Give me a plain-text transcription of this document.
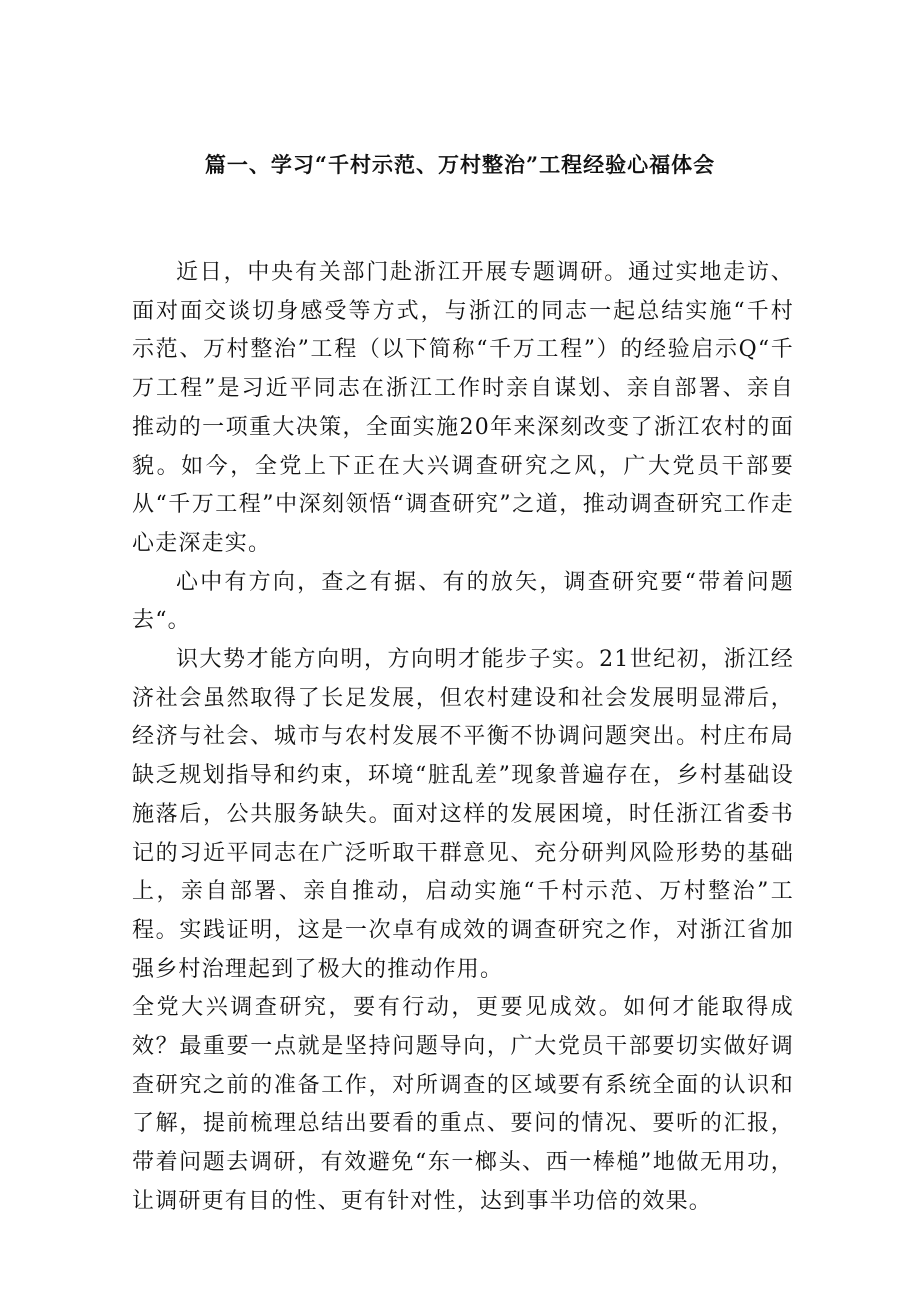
篇一、学习“千村示范、万村整治”工程经验心福体会

近日，中央有关部门赴浙江开展专题调研。通过实地走访、面对面交谈切身感受等方式，与浙江的同志一起总结实施“千村示范、万村整治”工程（以下简称“千万工程”）的经验启示Q“千万工程”是习近平同志在浙江工作时亲自谋划、亲自部署、亲自推动的一项重大决策，全面实施20年来深刻改变了浙江农村的面貌。如今，全党上下正在大兴调查研究之风，广大党员干部要从“千万工程”中深刻领悟“调查研究”之道，推动调查研究工作走心走深走实。

心中有方向，查之有据、有的放矢，调查研究要“带着问题去“。

识大势才能方向明，方向明才能步子实。21世纪初，浙江经济社会虽然取得了长足发展，但农村建设和社会发展明显滞后，经济与社会、城市与农村发展不平衡不协调问题突出。村庄布局缺乏规划指导和约束，环境“脏乱差”现象普遍存在，乡村基础设施落后，公共服务缺失。面对这样的发展困境，时任浙江省委书记的习近平同志在广泛听取干群意见、充分研判风险形势的基础上，亲自部署、亲自推动，启动实施“千村示范、万村整治”工程。实践证明，这是一次卓有成效的调查研究之作，对浙江省加强乡村治理起到了极大的推动作用。

全党大兴调查研究，要有行动，更要见成效。如何才能取得成效？最重要一点就是坚持问题导向，广大党员干部要切实做好调查研究之前的准备工作，对所调查的区域要有系统全面的认识和了解，提前梳理总结出要看的重点、要问的情况、要听的汇报，带着问题去调研，有效避免“东一榔头、西一棒槌”地做无用功，让调研更有目的性、更有针对性，达到事半功倍的效果。
